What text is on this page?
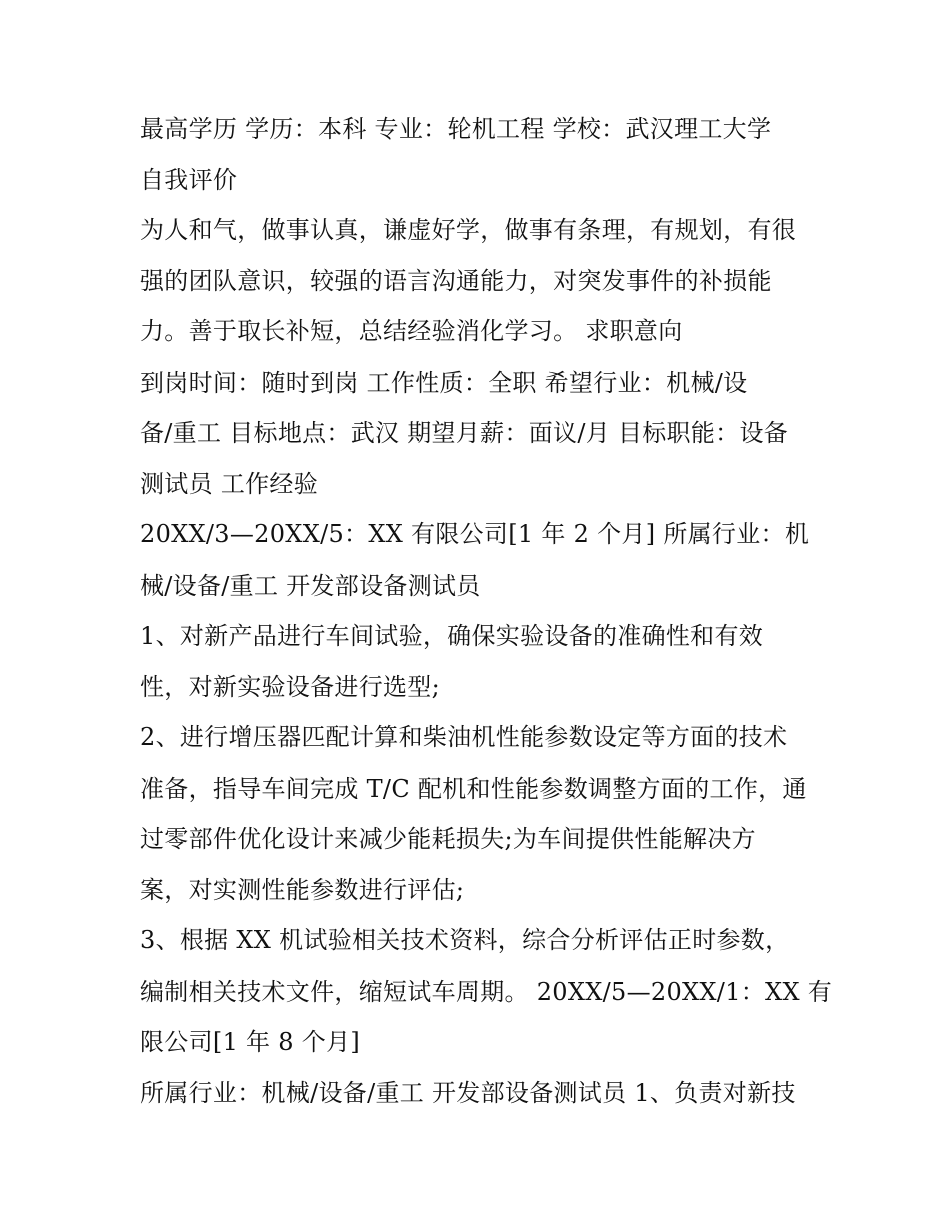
最高学历 学历：本科 专业：轮机工程 学校：武汉理工大学
自我评价
为人和气，做事认真，谦虚好学，做事有条理，有规划，有很
强的团队意识，较强的语言沟通能力，对突发事件的补损能
力。善于取长补短，总结经验消化学习。 求职意向
到岗时间：随时到岗 工作性质：全职 希望行业：机械/设
备/重工 目标地点：武汉 期望月薪：面议/月 目标职能：设备
测试员 工作经验
20XX/3—20XX/5：XX 有限公司[1 年 2 个月] 所属行业：机
械/设备/重工 开发部设备测试员
1、对新产品进行车间试验，确保实验设备的准确性和有效
性，对新实验设备进行选型;
2、进行增压器匹配计算和柴油机性能参数设定等方面的技术
准备，指导车间完成 T/C 配机和性能参数调整方面的工作，通
过零部件优化设计来减少能耗损失;为车间提供性能解决方
案，对实测性能参数进行评估;
3、根据 XX 机试验相关技术资料，综合分析评估正时参数，
编制相关技术文件，缩短试车周期。 20XX/5—20XX/1：XX 有
限公司[1 年 8 个月]
所属行业：机械/设备/重工 开发部设备测试员 1、负责对新技
